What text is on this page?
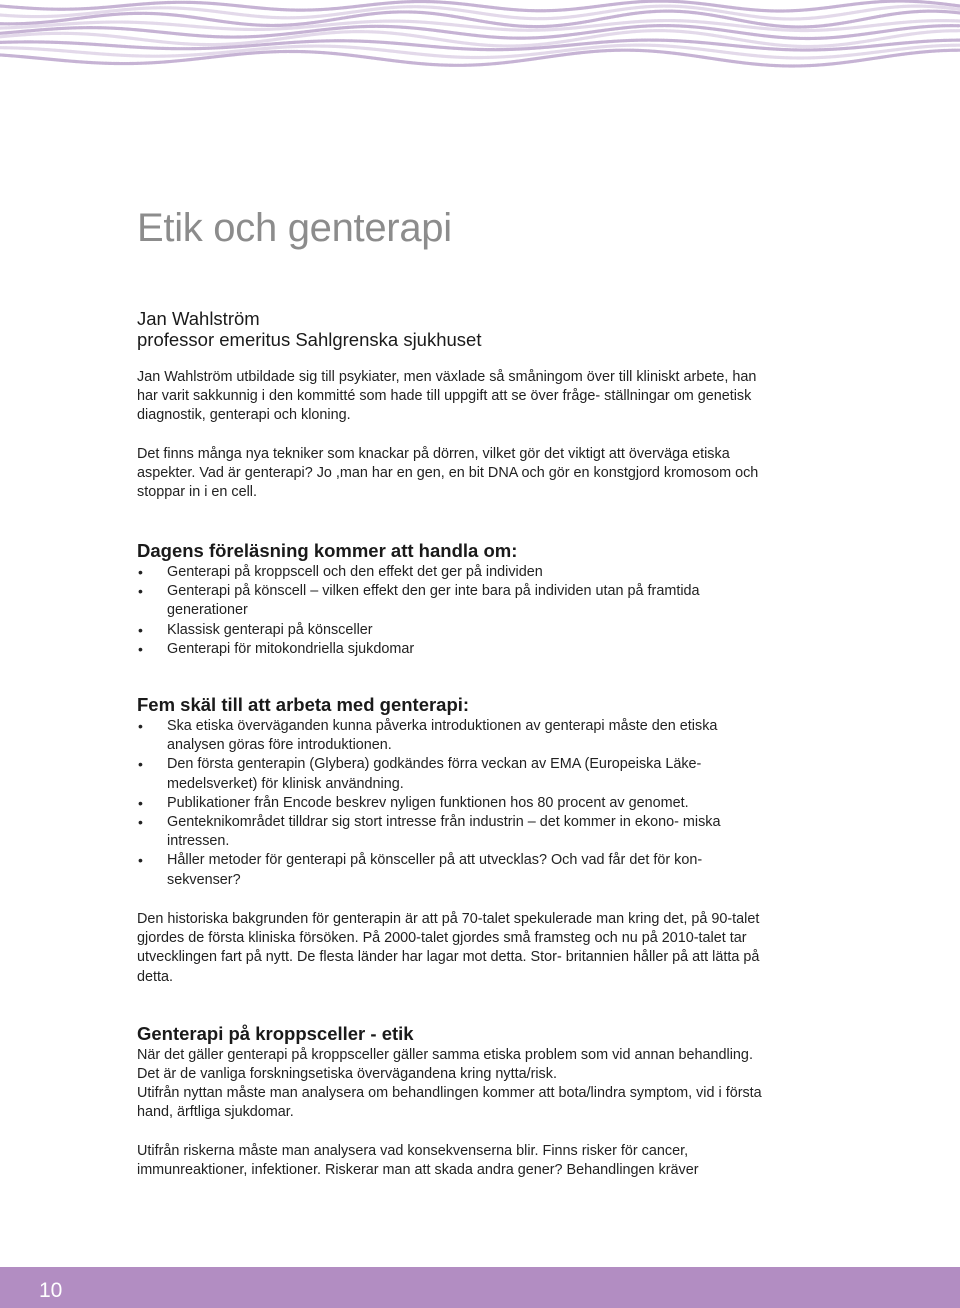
Etik och genterapi
Jan Wahlström
professor emeritus Sahlgrenska sjukhuset

Jan Wahlström utbildade sig till psykiater, men växlade så småningom över till kliniskt arbete, han har varit sakkunnig i den kommitté som hade till uppgift att se över fråge- ställningar om genetisk diagnostik, genterapi och kloning.

Det finns många nya tekniker som knackar på dörren, vilket gör det viktigt att överväga etiska aspekter. Vad är genterapi? Jo ,man har en gen, en bit DNA och gör en konstgjord kromosom och stoppar in i en cell.

Dagens föreläsning kommer att handla om:
• Genterapi på kroppscell och den effekt det ger på individen
• Genterapi på könscell – vilken effekt den ger inte bara på individen utan på framtida generationer
• Klassisk genterapi på könsceller
• Genterapi för mitokondriella sjukdomar
Fem skäl till att arbeta med genterapi:
• Ska etiska överväganden kunna påverka introduktionen av genterapi måste den etiska analysen göras före introduktionen.
• Den första genterapin (Glybera) godkändes förra veckan av EMA (Europeiska Läke- medelsverket) för klinisk användning.
• Publikationer från Encode beskrev nyligen funktionen hos 80 procent av genomet.
• Genteknikområdet tilldrar sig stort intresse från industrin – det kommer in ekono- miska intressen.
• Håller metoder för genterapi på könsceller på att utvecklas? Och vad får det för kon- sekvenser?

Den historiska bakgrunden för genterapin är att på 70-talet spekulerade man kring det, på 90-talet gjordes de första kliniska försöken. På 2000-talet gjordes små framsteg och nu på 2010-talet tar utvecklingen fart på nytt. De flesta länder har lagar mot detta. Stor- britannien håller på att lätta på detta.

Genterapi på kroppsceller - etik

När det gäller genterapi på kroppsceller gäller samma etiska problem som vid annan behandling. Det är de vanliga forskningsetiska övervägandena kring nytta/risk.

Utifrån nyttan måste man analysera om behandlingen kommer att bota/lindra symptom, vid i första hand, ärftliga sjukdomar.

Utifrån riskerna måste man analysera vad konsekvenserna blir. Finns risker för cancer, immunreaktioner, infektioner. Riskerar man att skada andra gener? Behandlingen kräver

10
